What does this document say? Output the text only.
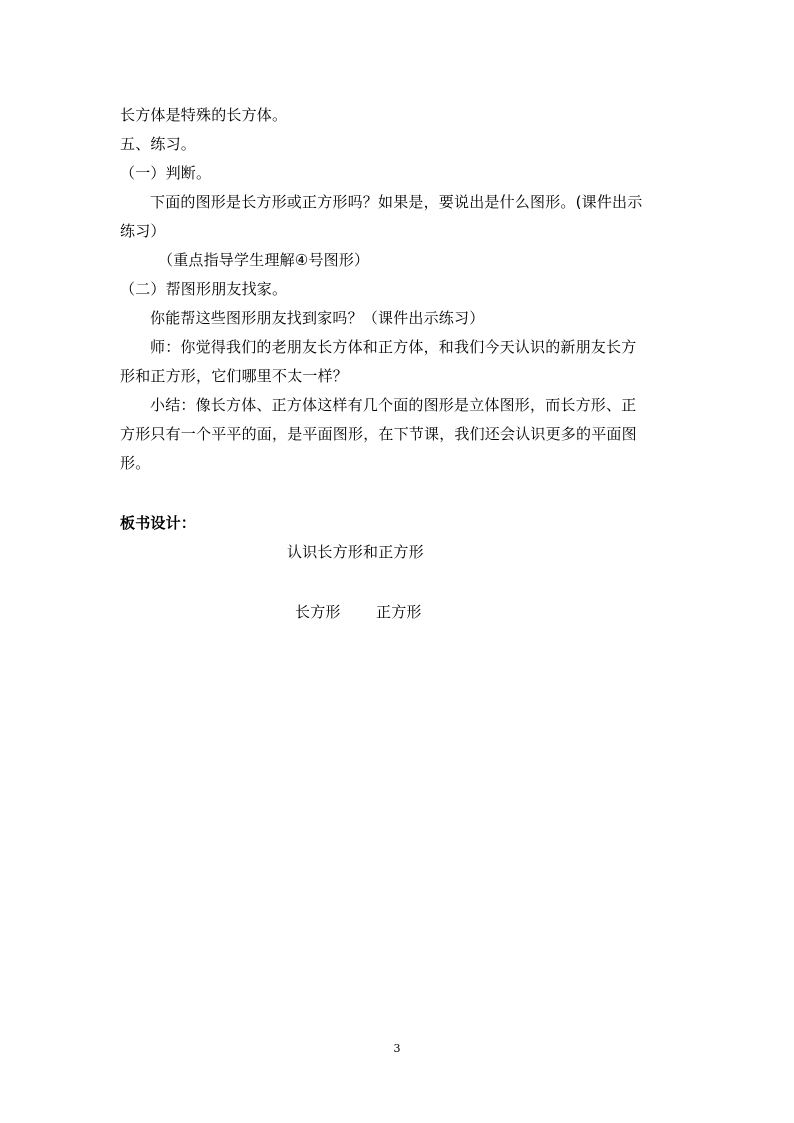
长方体是特殊的长方体。
五、练习。
（一）判断。
下面的图形是长方形或正方形吗？如果是，要说出是什么图形。(课件出示
练习）
（重点指导学生理解④号图形）
（二）帮图形朋友找家。
你能帮这些图形朋友找到家吗？（课件出示练习）
师：你觉得我们的老朋友长方体和正方体，和我们今天认识的新朋友长方
形和正方形，它们哪里不太一样？
小结：像长方体、正方体这样有几个面的图形是立体图形，而长方形、正
方形只有一个平平的面，是平面图形，在下节课，我们还会认识更多的平面图
形。
板书设计：
认识长方形和正方形
长方形 正方形
3
